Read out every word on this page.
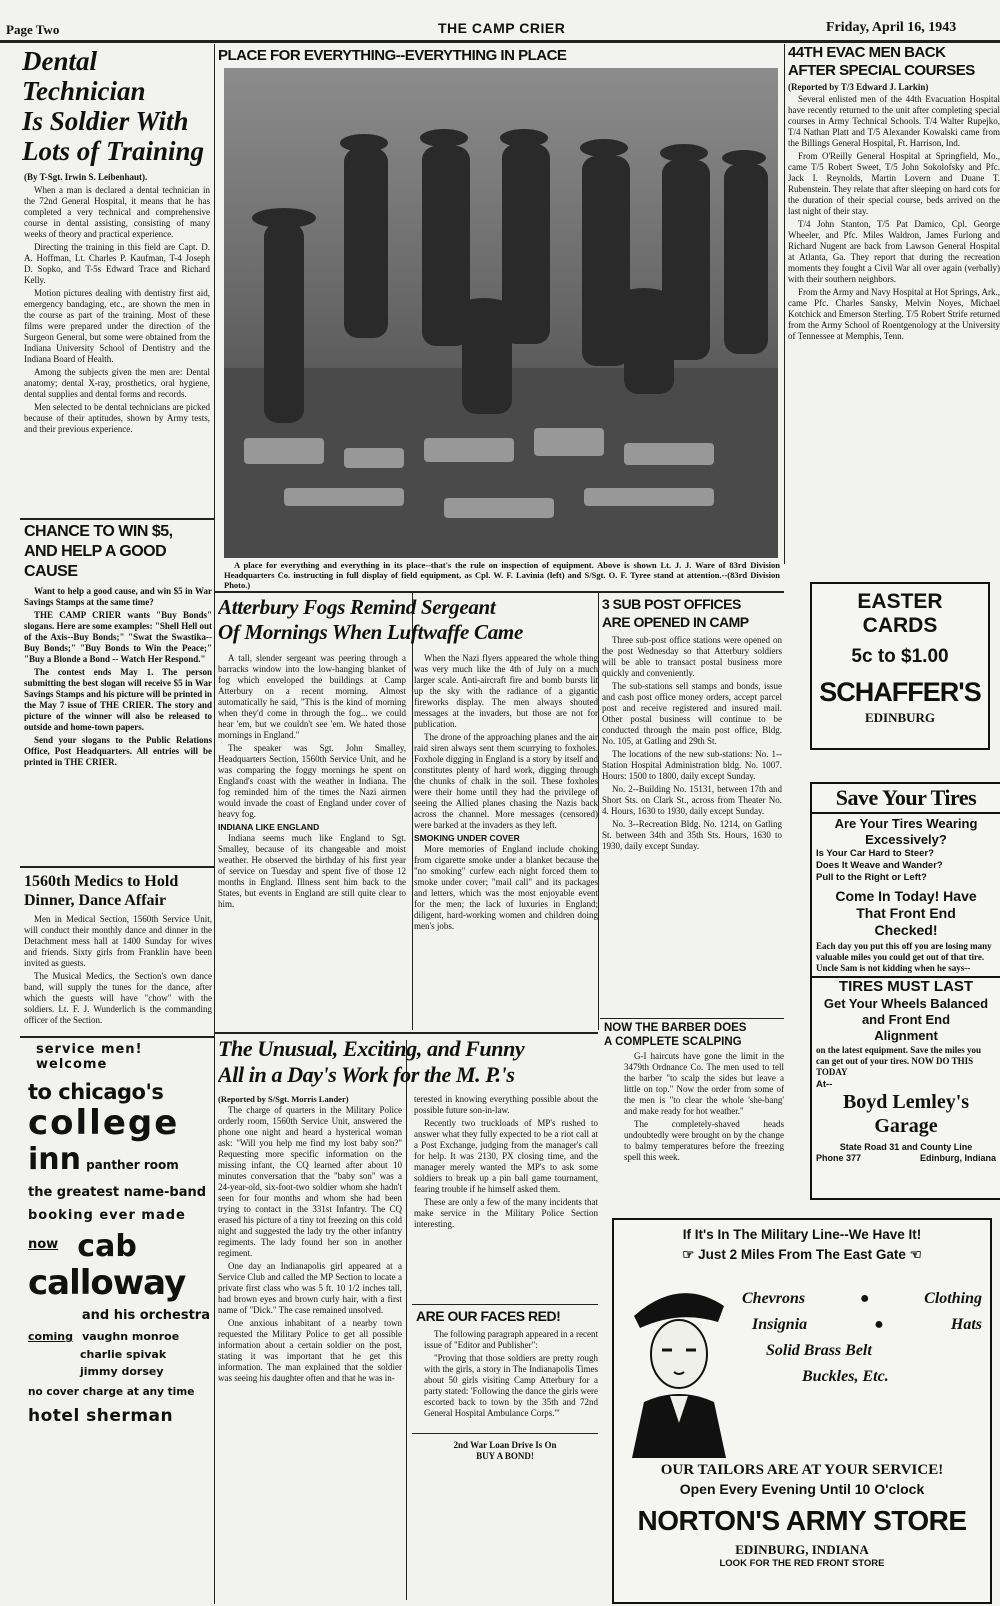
Page Two	THE CAMP CRIER	Friday, April 16, 1943
Dental Technician
Is Soldier With
Lots of Training
(By T-Sgt. Irwin S. Leibenhaut).

When a man is declared a dental technician in the 72nd General Hospital, it means that he has completed a very technical and comprehensive course in dental assisting, consisting of many weeks of theory and practical experience.

Directing the training in this field are Capt. D. A. Hoffman, Lt. Charles P. Kaufman, T-4 Joseph D. Sopko, and T-5s Edward Trace and Richard Kelly.

Motion pictures dealing with dentistry first aid, emergency bandaging, etc., are shown the men in the course as part of the training. Most of these films were prepared under the direction of the Surgeon General, but some were obtained from the Indiana University School of Dentistry and the Indiana Board of Health.

Among the subjects given the men are: Dental anatomy; dental X-ray, prosthetics, oral hygiene, dental supplies and dental forms and records.

Men selected to be dental technicians are picked because of their aptitudes, shown by Army tests, and their previous experience.

CHANCE TO WIN $5,
AND HELP A GOOD CAUSE

Want to help a good cause, and win $5 in War Savings Stamps at the same time?

THE CAMP CRIER wants "Buy Bonds" slogans. Here are some examples: "Shell Hell out of the Axis--Buy Bonds;" "Swat the Swastika--Buy Bonds;" "Buy Bonds to Win the Peace;" "Buy a Blonde a Bond -- Watch Her Respond."

The contest ends May 1. The person submitting the best slogan will receive $5 in War Savings Stamps and his picture will be printed in the May 7 issue of THE CRIER. The story and picture of the winner will also be released to outside and home-town papers.

Send your slogans to the Public Relations Office, Post Headquarters. All entries will be printed in THE CRIER.

1560th Medics to Hold
Dinner, Dance Affair

Men in Medical Section, 1560th Service Unit, will conduct their monthly dance and dinner in the Detachment mess hall at 1400 Sunday for wives and friends. Sixty girls from Franklin have been invited as guests.

The Musical Medics, the Section's own dance band, will supply the tunes for the dance, after which the guests will have "chow" with the soldiers. Lt. F. J. Wunderlich is the commanding officer of the Section.

service men!
welcome
to chicago's
college
inn panther room
the greatest name-band
booking ever made
$^{now}$ cab
calloway
and his orchestra
coming vaughn monroe
charlie spivak
jimmy dorsey
no cover charge at any time
hotel sherman
PLACE FOR EVERYTHING--EVERYTHING IN PLACE
A place for everything and everything in its place--that's the rule on inspection of equipment. Above is shown Lt. J. J. Ware of 83rd Division Headquarters Co. instructing in full display of field equipment, as Cpl. W. F. Lavinia (left) and S/Sgt. O. F. Tyree stand at attention.--(83rd Division Photo.)
44TH EVAC MEN BACK
AFTER SPECIAL COURSES
(Reported by T/3 Edward J. Larkin)

Several enlisted men of the 44th Evacuation Hospital have recently returned to the unit after completing special courses in Army Technical Schools. T/4 Walter Rupejko, T/4 Nathan Platt and T/5 Alexander Kowalski came from the Billings General Hospital, Ft. Harrison, Ind.

From O'Reilly General Hospital at Springfield, Mo., came T/5 Robert Sweet, T/5 John Sokolofsky and Pfc. Jack I. Reynolds, Martin Lovern and Duane T. Rubenstein. They relate that after sleeping on hard cots for the duration of their special course, beds arrived on the last night of their stay.

T/4 John Stanton, T/5 Pat Damico, Cpl. George Wheeler, and Pfc. Miles Waldron, James Furlong and Richard Nugent are back from Lawson General Hospital at Atlanta, Ga. They report that during the recreation moments they fought a Civil War all over again (verbally) with their southern neighbors.

From the Army and Navy Hospital at Hot Springs, Ark., came Pfc. Charles Sansky, Melvin Noyes, Michael Kotchick and Emerson Sterling. T/5 Robert Strife returned from the Army School of Roentgenology at the University of Tennessee at Memphis, Tenn.

EASTER
CARDS
5c to $1.00
SCHAFFER'S
EDINBURG
Save Your Tires
Are Your Tires Wearing
Excessively?
Is Your Car Hard to Steer?
Does It Weave and Wander?
Pull to the Right or Left?
Come In Today! Have
That Front End
Checked!
Each day you put this off you are losing many valuable miles you could get out of that tire. Uncle Sam is not kidding when he says--
TIRES MUST LAST
Get Your Wheels Balanced and Front End
Alignment
on the latest equipment. Save the miles you can get out of your tires. NOW DO THIS TODAY
At--
Boyd Lemley's
Garage
State Road 31 and County Line
Phone 377	Edinburg, Indiana
Atterbury Fogs Remind Sergeant
Of Mornings When Luftwaffe Came

A tall, slender sergeant was peering through a barracks window into the low-hanging blanket of fog which enveloped the buildings at Camp Atterbury on a recent morning. Almost automatically he said, "This is the kind of morning when they'd come in through the fog... we could hear 'em, but we couldn't see 'em. We hated those mornings in England."

The speaker was Sgt. John Smalley, Headquarters Section, 1560th Service Unit, and he was comparing the foggy mornings he spent on England's coast with the weather in Indiana. The fog reminded him of the times the Nazi airmen would invade the coast of England under cover of heavy fog.

INDIANA LIKE ENGLAND

Indiana seems much like England to Sgt. Smalley, because of its changeable and moist weather. He observed the birthday of his first year of service on Tuesday and spent five of those 12 months in England. Illness sent him back to the States, but events in England are still quite clear to him.

When the Nazi flyers appeared the whole thing was very much like the 4th of July on a much larger scale. Anti-aircraft fire and bomb bursts lit up the sky with the radiance of a gigantic fireworks display. The men always shouted messages at the invaders, but those are not for publication.

The drone of the approaching planes and the air raid siren always sent them scurrying to foxholes. Foxhole digging in England is a story by itself and constitutes plenty of hard work, digging through the chunks of chalk in the soil. These foxholes were their home until they had the privilege of seeing the Allied planes chasing the Nazis back across the channel. More messages (censored) were barked at the invaders as they left.

SMOKING UNDER COVER

More memories of England include choking from cigarette smoke under a blanket because the "no smoking" curfew each night forced them to smoke under cover; "mail call" and its packages and letters, which was the most enjoyable event for the men; the lack of luxuries in England; diligent, hard-working women and children doing men's jobs.

3 SUB POST OFFICES
ARE OPENED IN CAMP

Three sub-post office stations were opened on the post Wednesday so that Atterbury soldiers will be able to transact postal business more quickly and conveniently.

The sub-stations sell stamps and bonds, issue and cash post office money orders, accept parcel post and receive registered and insured mail. Other postal business will continue to be conducted through the main post office, Bldg. No. 105, at Gatling and 29th St.

The locations of the new sub-stations: No. 1--Station Hospital Administration bldg. No. 1007. Hours: 1500 to 1800, daily except Sunday.

No. 2--Building No. 15131, between 17th and Short Sts. on Clark St., across from Theater No. 4. Hours, 1630 to 1930, daily except Sunday.

No. 3--Recreation Bldg. No. 1214, on Gatling St. between 34th and 35th Sts. Hours, 1630 to 1930, daily except Sunday.

NOW THE BARBER DOES
A COMPLETE SCALPING

G-I haircuts have gone the limit in the 3479th Ordnance Co. The men used to tell the barber "to scalp the sides but leave a little on top." Now the order from some of the men is "to clear the whole 'she-bang' and make ready for hot weather."

The completely-shaved heads undoubtedly were brought on by the change to balmy temperatures before the freezing spell this week.

The Unusual, Exciting, and Funny
All in a Day's Work for the M. P.'s
(Reported by S/Sgt. Morris Lander)

The charge of quarters in the Military Police orderly room, 1560th Service Unit, answered the phone one night and heard a hysterical woman ask: "Will you help me find my lost baby son?" Requesting more specific information on the missing infant, the CQ learned after about 10 minutes conversation that the "baby son" was a 24-year-old, six-foot-two soldier whom she hadn't seen for four months and whom she had been trying to contact in the 331st Infantry. The CQ erased his picture of a tiny tot freezing on this cold night and suggested the lady try the other infantry regiments. The lady found her son in another regiment.

One day an Indianapolis girl appeared at a Service Club and called the MP Section to locate a private first class who was 5 ft. 10 1/2 inches tall, had brown eyes and brown curly hair, with a first name of "Dick." The case remained unsolved.

One anxious inhabitant of a nearby town requested the Military Police to get all possible information about a certain soldier on the post, stating it was important that he get this information. The man explained that the soldier was seeing his daughter often and that he was in-

terested in knowing everything possible about the possible future son-in-law.

Recently two truckloads of MP's rushed to answer what they fully expected to be a riot call at a Post Exchange, judging from the manager's call for help. It was 2130, PX closing time, and the manager merely wanted the MP's to ask some soldiers to break up a pin ball game tournament, fearing trouble if he himself asked them.

These are only a few of the many incidents that make service in the Military Police Section interesting.

ARE OUR FACES RED!

The following paragraph appeared in a recent issue of "Editor and Publisher":

"Proving that those soldiers are pretty rough with the girls, a story in The Indianapolis Times about 50 girls visiting Camp Atterbury for a party stated: 'Following the dance the girls were escorted back to town by the 35th and 72nd General Hospital Ambulance Corps.'"

2nd War Loan Drive Is On
BUY A BOND!
If It's In The Military Line--We Have It!
☞ Just 2 Miles From The East Gate ☜
Chevrons	●	Clothing
Insignia	●	Hats
Solid Brass Belt
Buckles, Etc.
OUR TAILORS ARE AT YOUR SERVICE!
Open Every Evening Until 10 O'clock
NORTON'S ARMY STORE
EDINBURG, INDIANA
LOOK FOR THE RED FRONT STORE
